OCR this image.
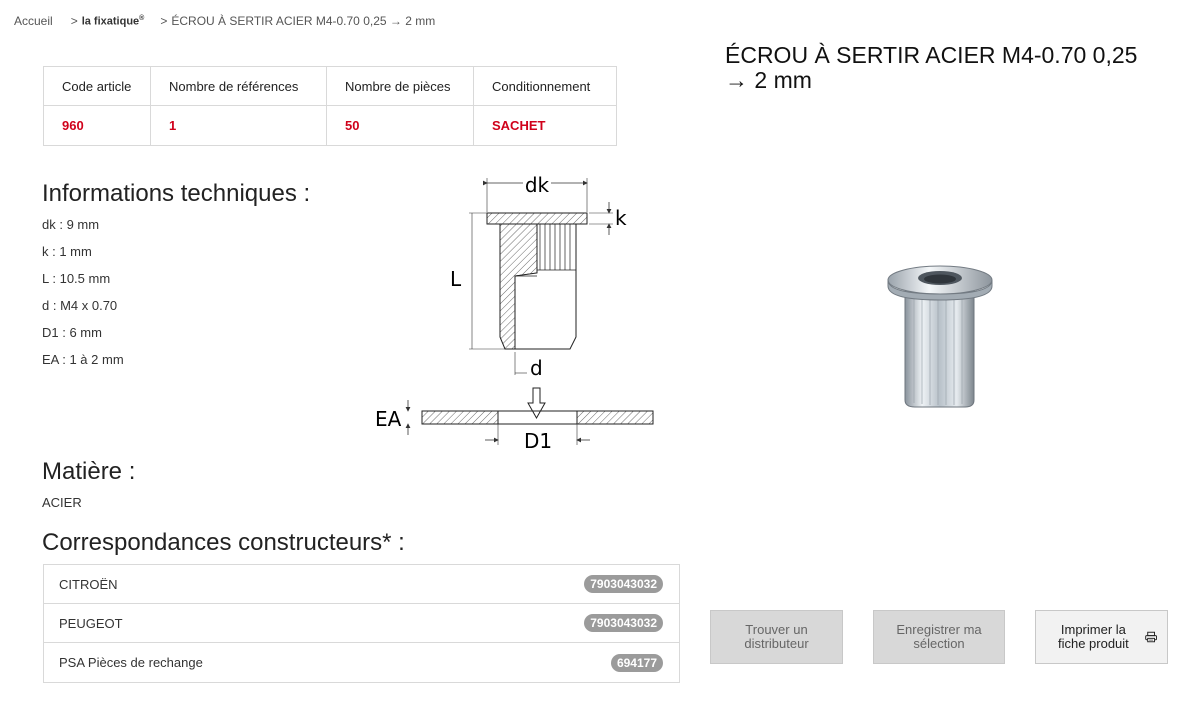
Accueil > la fixatique® > ÉCROU À SERTIR ACIER M4-0.70 0,25 → 2 mm
Code article	Nombre de références	Nombre de pièces	Conditionnement
960	1	50	SACHET
Informations techniques :
dk : 9 mm
k : 1 mm
L : 10.5 mm
d : M4 x 0.70
D1 : 6 mm
EA : 1 à 2 mm
dk
k
L
d
EA
D1
Matière :
ACIER
Correspondances constructeurs* :
CITROËN	7903043032
PEUGEOT	7903043032
PSA Pièces de rechange	694177
ÉCROU À SERTIR ACIER M4-0.70 0,25 → 2 mm
Trouver un distributeur
Enregistrer ma sélection
Imprimer la fiche produit
